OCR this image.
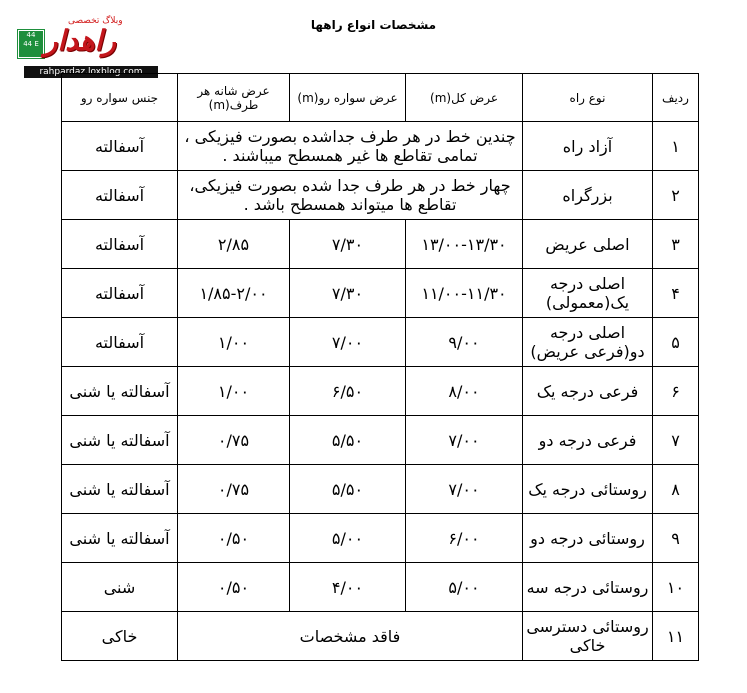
وبلاگ تخصصی
44
44 E راهدار
rahpardaz.loxblog.com
مشخصات انواع راهها
ردیف	نوع راه	عرض کل(m)	عرض سواره رو(m)	عرض شانه هر طرف(m)	جنس سواره رو
۱	آزاد راه	چندین خط در هر طرف جداشده بصورت فیزیکی ، تمامی تقاطع ها غیر همسطح میباشند .			آسفالته
۲	بزرگراه	چهار خط در هر طرف جدا شده بصورت فیزیکی، تقاطع ها میتواند همسطح باشد .			آسفالته
۳	اصلی عریض	۱۳/۰۰-۱۳/۳۰	۷/۳۰	۲/۸۵	آسفالته
۴	اصلی درجه یک(معمولی)	۱۱/۰۰-۱۱/۳۰	۷/۳۰	۱/۸۵-۲/۰۰	آسفالته
۵	اصلی درجه دو(فرعی عریض)	۹/۰۰	۷/۰۰	۱/۰۰	آسفالته
۶	فرعی درجه یک	۸/۰۰	۶/۵۰	۱/۰۰	آسفالته یا شنی
۷	فرعی درجه دو	۷/۰۰	۵/۵۰	۰/۷۵	آسفالته یا شنی
۸	روستائی درجه یک	۷/۰۰	۵/۵۰	۰/۷۵	آسفالته یا شنی
۹	روستائی درجه دو	۶/۰۰	۵/۰۰	۰/۵۰	آسفالته یا شنی
۱۰	روستائی درجه سه	۵/۰۰	۴/۰۰	۰/۵۰	شنی
۱۱	روستائی دسترسی خاکی	فاقد مشخصات			خاکی
